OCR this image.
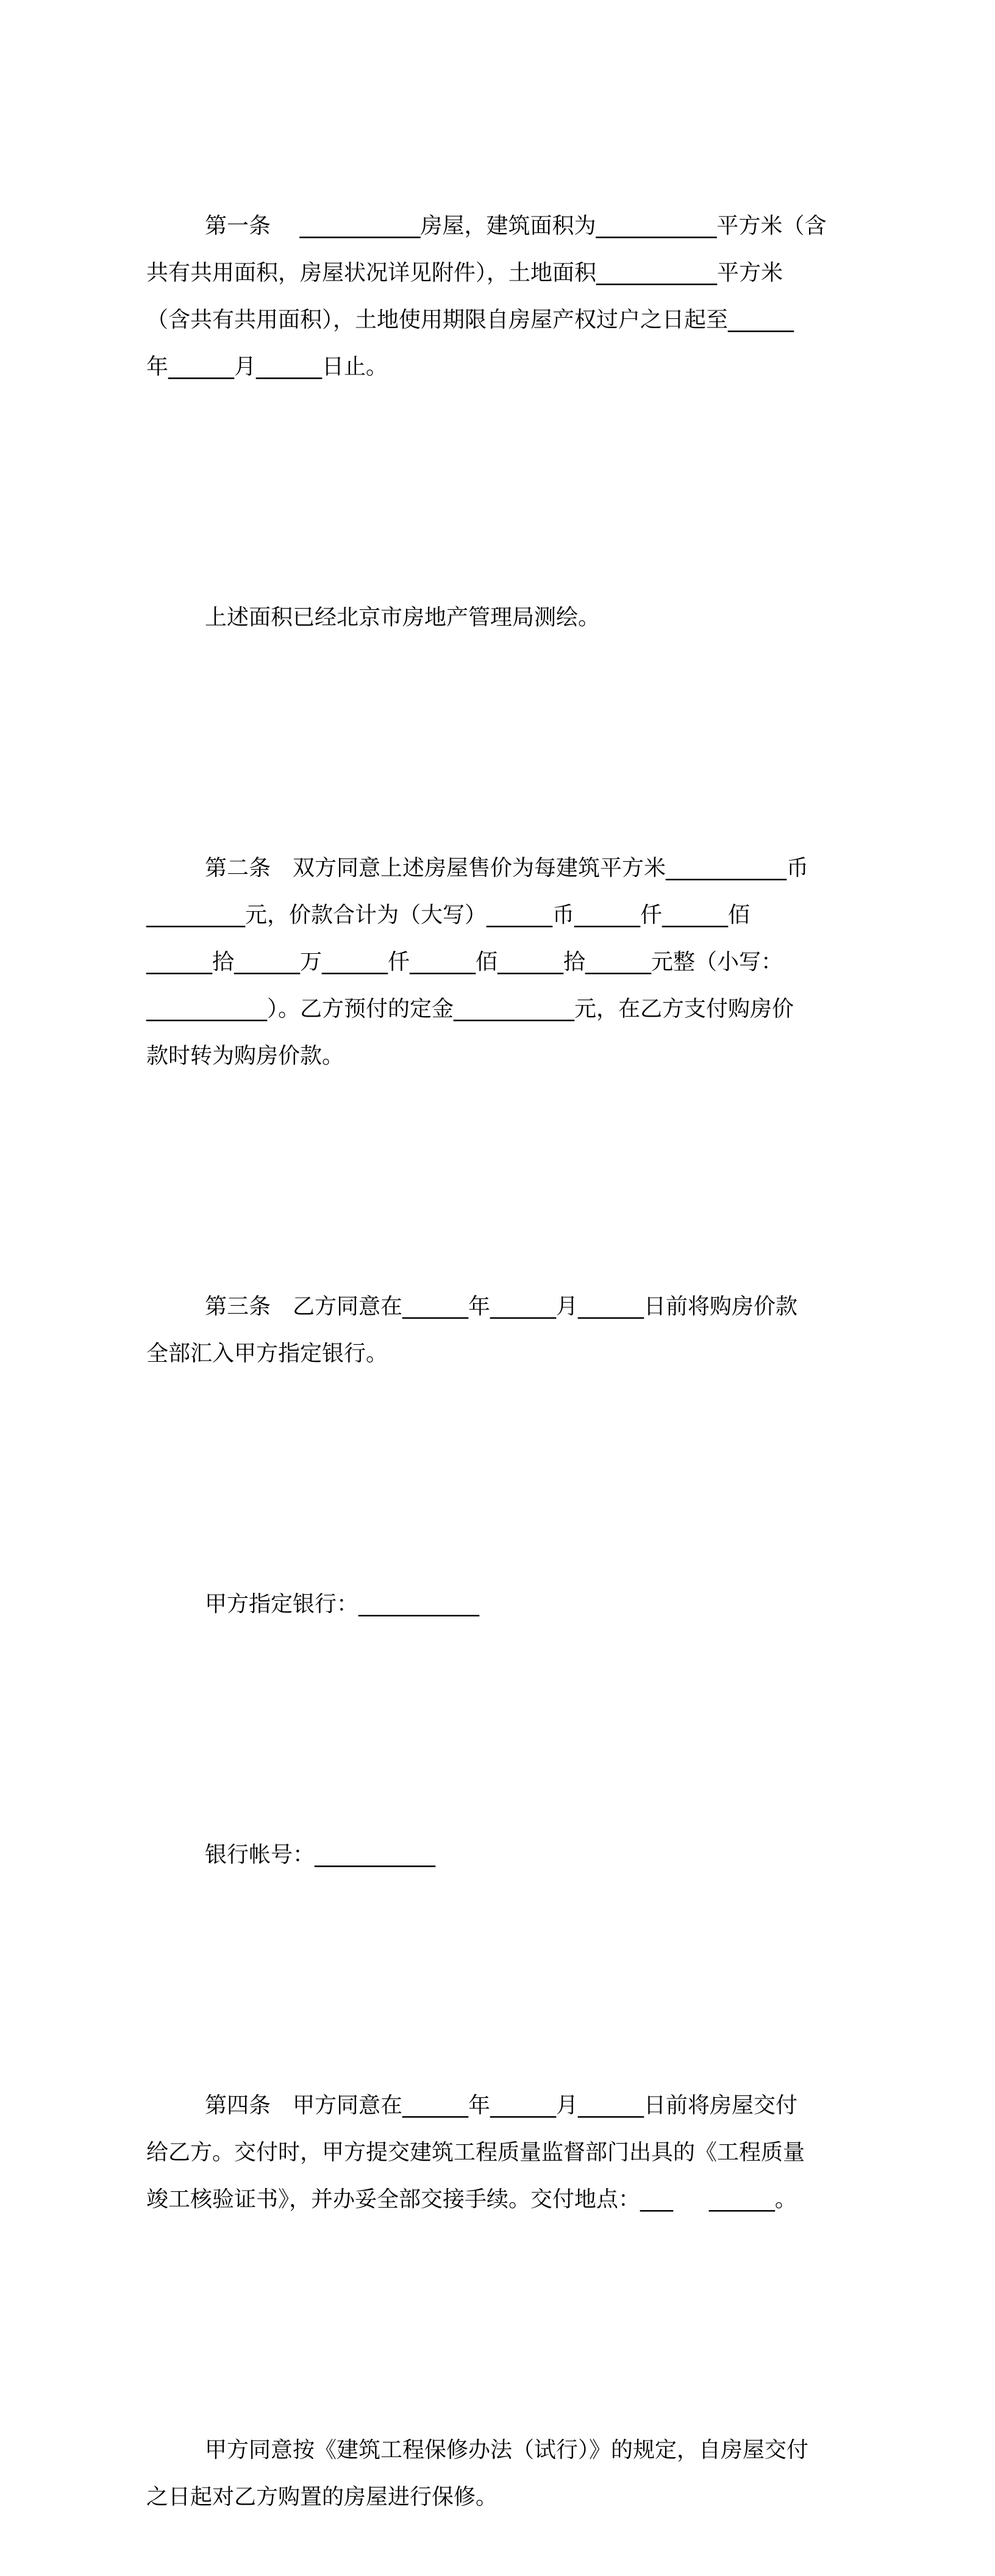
第一条　 ___________房屋，建筑面积为___________平方米（含
共有共用面积，房屋状况详见附件），土地面积___________平方米
（含共有共用面积），土地使用期限自房屋产权过户之日起至______
年______月______日止。

上述面积已经北京市房地产管理局测绘。

第二条　双方同意上述房屋售价为每建筑平方米___________币
_________元，价款合计为（大写）______币______仟______佰
______拾______万______仟______佰______拾______元整（小写：
___________）。乙方预付的定金___________元，在乙方支付购房价
款时转为购房价款。

第三条　乙方同意在______年______月______日前将购房价款
全部汇入甲方指定银行。

甲方指定银行：___________

银行帐号：___________

第四条　甲方同意在______年______月______日前将房屋交付
给乙方。交付时，甲方提交建筑工程质量监督部门出具的《工程质量
竣工核验证书》，并办妥全部交接手续。交付地点：___ 　 ______。

甲方同意按《建筑工程保修办法（试行）》的规定，自房屋交付
之日起对乙方购置的房屋进行保修。
